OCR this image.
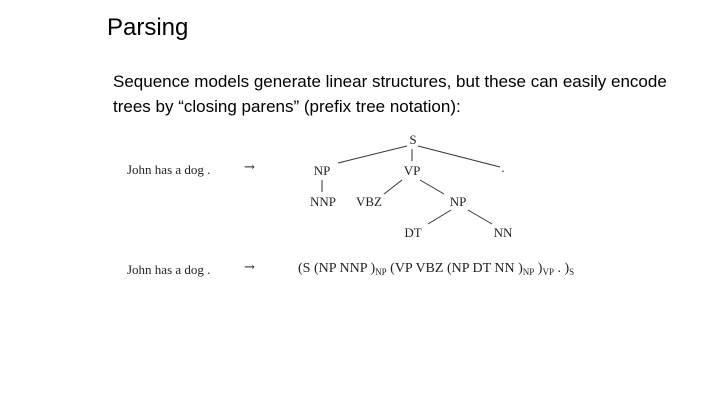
Parsing
Sequence models generate linear structures, but these can easily encode trees by “closing parens” (prefix tree notation):
John has a dog .	→
S
NP	VP	.
NNP VBZ	NP
DT	NN
John has a dog .	→	(S (NP NNP )$_{NP}$ (VP VBZ (NP DT NN )$_{NP}$ )$_{VP}$ . )$_S$
